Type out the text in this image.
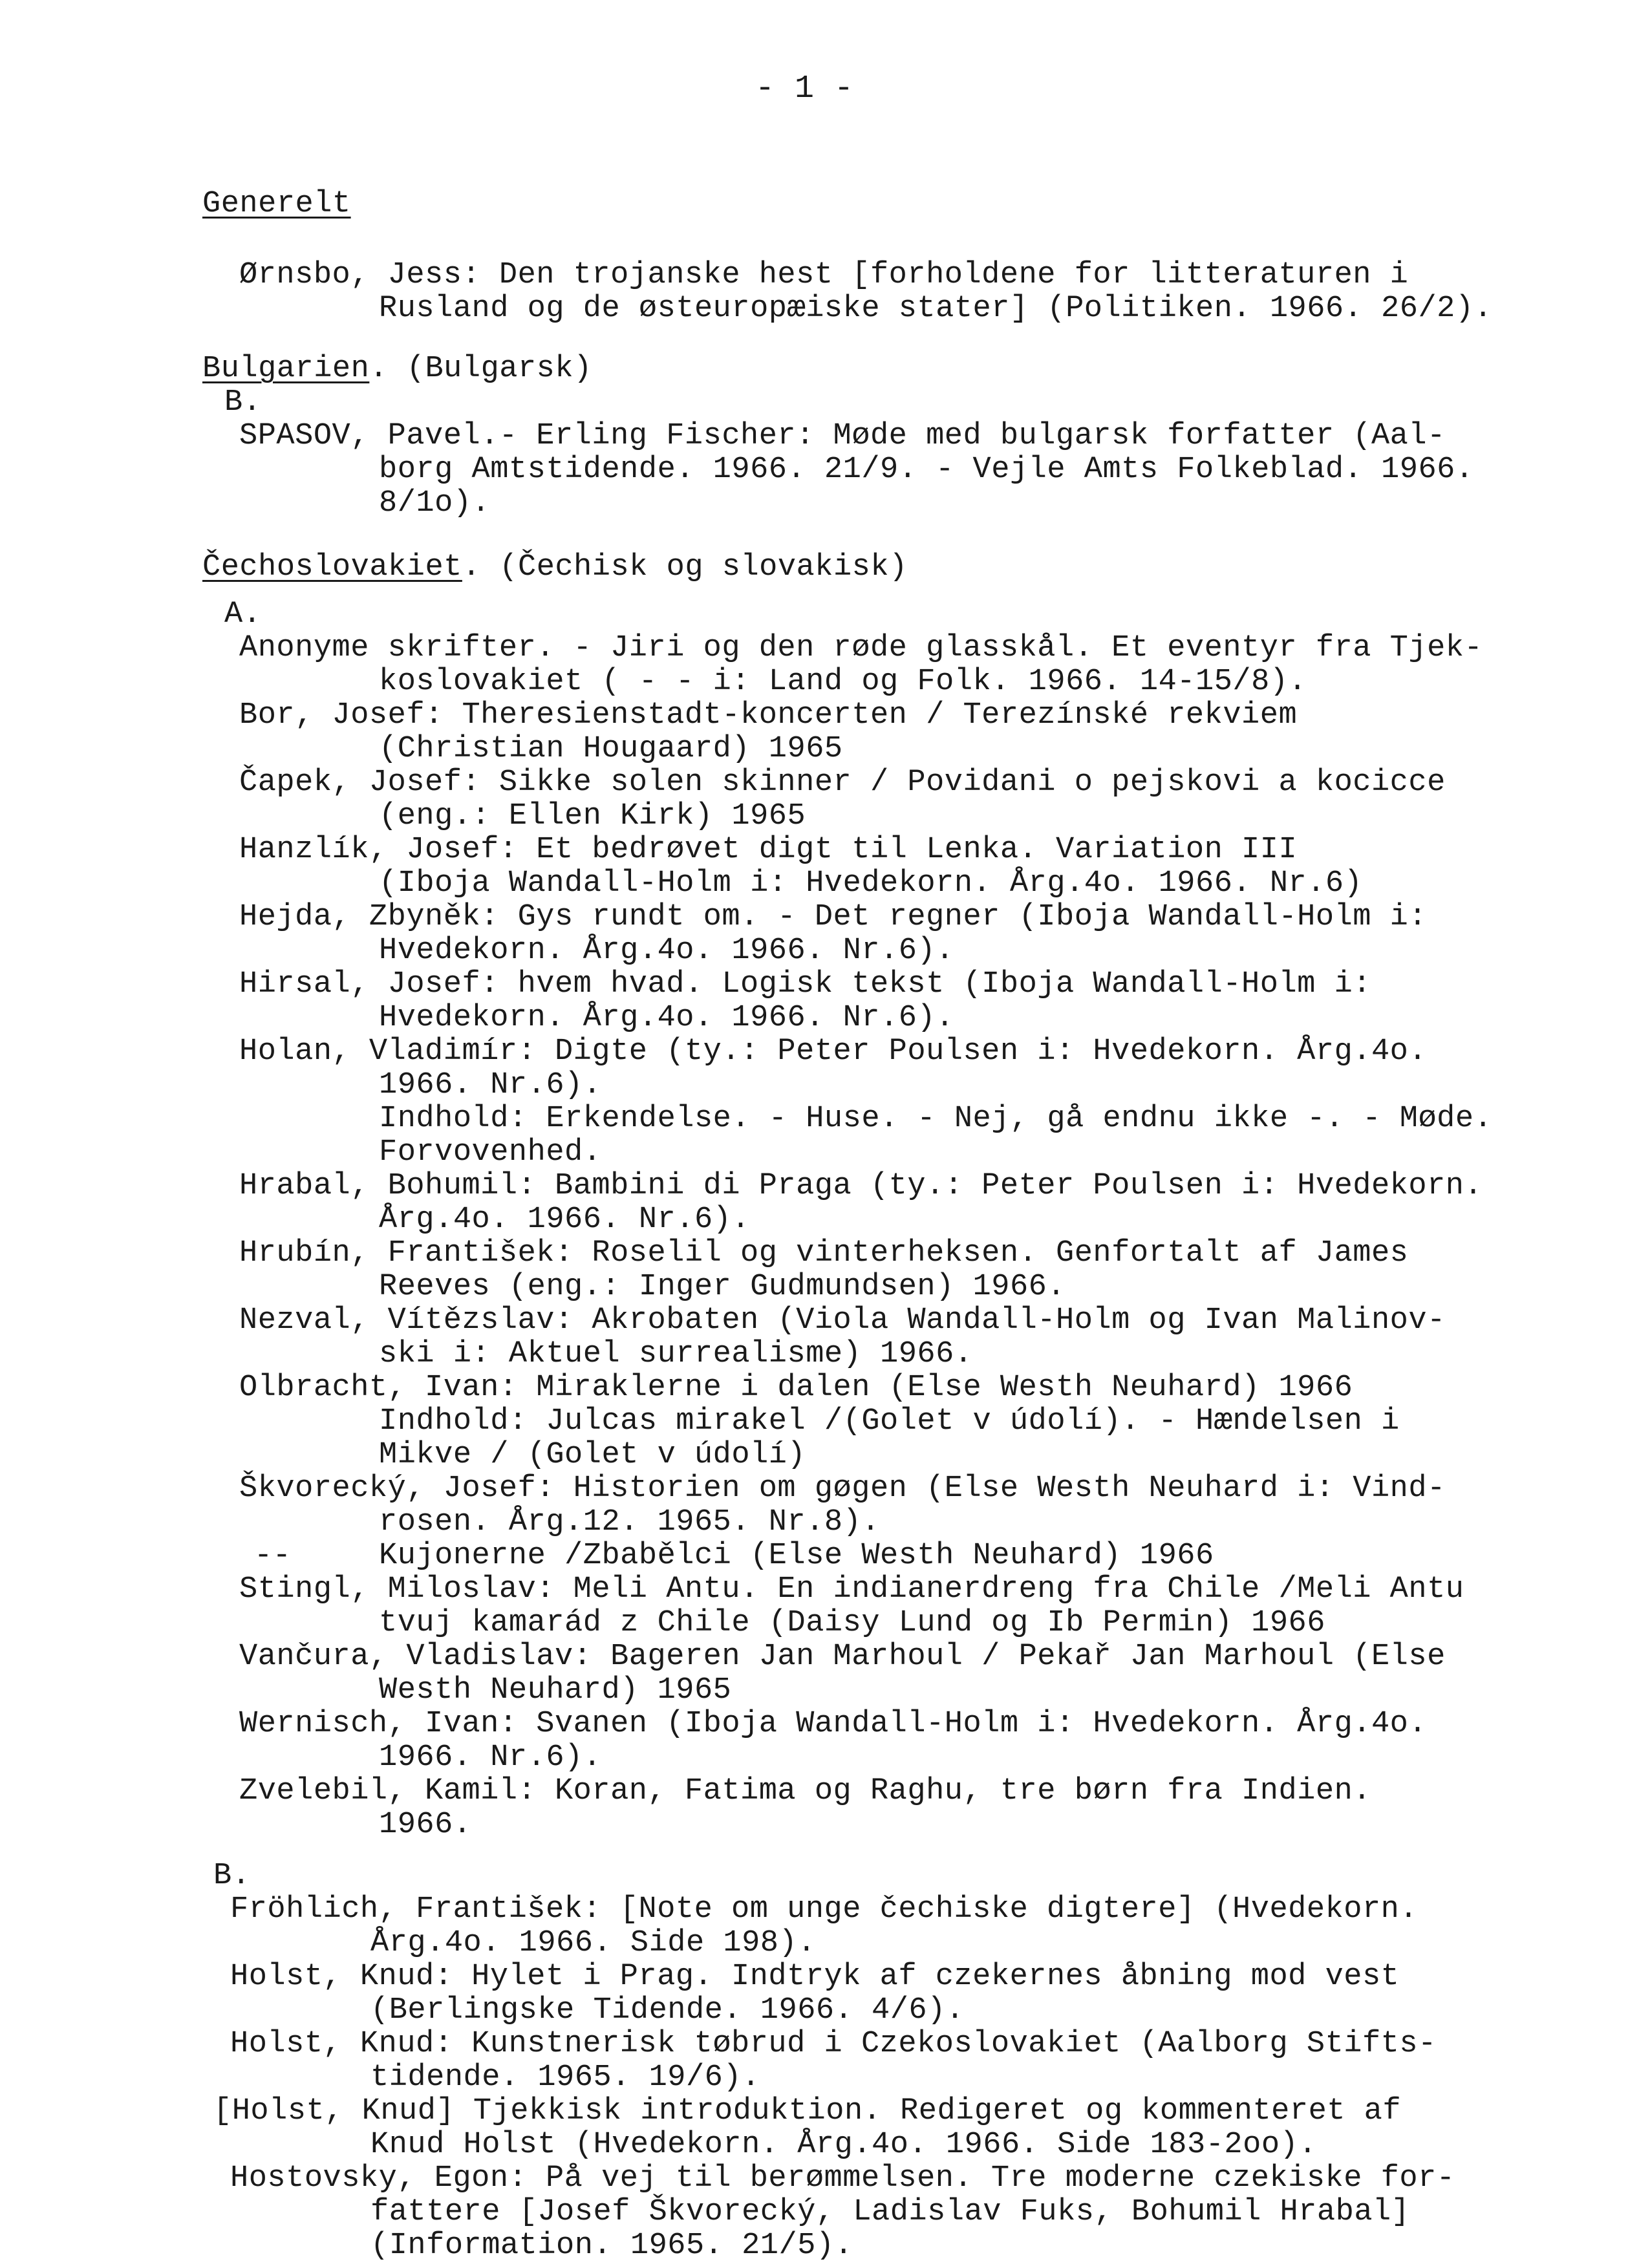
- 1 -
Generelt
Ørnsbo, Jess: Den trojanske hest [forholdene for litteraturen i
Rusland og de østeuropæiske stater] (Politiken. 1966. 26/2).
Bulgarien. (Bulgarsk)
B.
SPASOV, Pavel.- Erling Fischer: Møde med bulgarsk forfatter (Aal-
borg Amtstidende. 1966. 21/9. - Vejle Amts Folkeblad. 1966.
8/1o).
Čechoslovakiet. (Čechisk og slovakisk)
A.
Anonyme skrifter. - Jiri og den røde glasskål. Et eventyr fra Tjek-
koslovakiet ( - - i: Land og Folk. 1966. 14-15/8).
Bor, Josef: Theresienstadt-koncerten / Terezínské rekviem
(Christian Hougaard) 1965
Čapek, Josef: Sikke solen skinner / Povidani o pejskovi a kocicce
(eng.: Ellen Kirk) 1965
Hanzlík, Josef: Et bedrøvet digt til Lenka. Variation III
(Iboja Wandall-Holm i: Hvedekorn. Årg.4o. 1966. Nr.6)
Hejda, Zbyněk: Gys rundt om. - Det regner (Iboja Wandall-Holm i:
Hvedekorn. Årg.4o. 1966. Nr.6).
Hirsal, Josef: hvem hvad. Logisk tekst (Iboja Wandall-Holm i:
Hvedekorn. Årg.4o. 1966. Nr.6).
Holan, Vladimír: Digte (ty.: Peter Poulsen i: Hvedekorn. Årg.4o.
1966. Nr.6).
Indhold: Erkendelse. - Huse. - Nej, gå endnu ikke -. - Møde.
Forvovenhed.
Hrabal, Bohumil: Bambini di Praga (ty.: Peter Poulsen i: Hvedekorn.
Årg.4o. 1966. Nr.6).
Hrubín, František: Roselil og vinterheksen. Genfortalt af James
Reeves (eng.: Inger Gudmundsen) 1966.
Nezval, Vítězslav: Akrobaten (Viola Wandall-Holm og Ivan Malinov-
ski i: Aktuel surrealisme) 1966.
Olbracht, Ivan: Miraklerne i dalen (Else Westh Neuhard) 1966
Indhold: Julcas mirakel /(Golet v údolí). - Hændelsen i
Mikve / (Golet v údolí)
Škvorecký, Josef: Historien om gøgen (Else Westh Neuhard i: Vind-
rosen. Årg.12. 1965. Nr.8).
--	Kujonerne /Zbabělci (Else Westh Neuhard) 1966
Stingl, Miloslav: Meli Antu. En indianerdreng fra Chile /Meli Antu
tvuj kamarád z Chile (Daisy Lund og Ib Permin) 1966
Vančura, Vladislav: Bageren Jan Marhoul / Pekař Jan Marhoul (Else
Westh Neuhard) 1965
Wernisch, Ivan: Svanen (Iboja Wandall-Holm i: Hvedekorn. Årg.4o.
1966. Nr.6).
Zvelebil, Kamil: Koran, Fatima og Raghu, tre børn fra Indien.
1966.
B.
Fröhlich, František: [Note om unge čechiske digtere] (Hvedekorn.
Årg.4o. 1966. Side 198).
Holst, Knud: Hylet i Prag. Indtryk af czekernes åbning mod vest
(Berlingske Tidende. 1966. 4/6).
Holst, Knud: Kunstnerisk tøbrud i Czekoslovakiet (Aalborg Stifts-
tidende. 1965. 19/6).
[Holst, Knud] Tjekkisk introduktion. Redigeret og kommenteret af
Knud Holst (Hvedekorn. Årg.4o. 1966. Side 183-2oo).
Hostovsky, Egon: På vej til berømmelsen. Tre moderne czekiske for-
fattere [Josef Škvorecký, Ladislav Fuks, Bohumil Hrabal]
(Information. 1965. 21/5).
